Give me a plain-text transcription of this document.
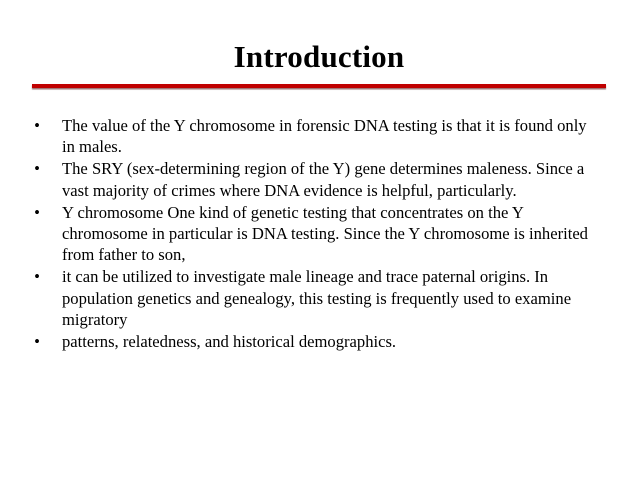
Introduction
• The value of the Y chromosome in forensic DNA testing is that it is found only in males.
• The SRY (sex-determining region of the Y) gene determines maleness. Since a vast majority of crimes where DNA evidence is helpful, particularly.
• Y chromosome One kind of genetic testing that concentrates on the Y chromosome in particular is DNA testing. Since the Y chromosome is inherited from father to son,
• it can be utilized to investigate male lineage and trace paternal origins. In population genetics and genealogy, this testing is frequently used to examine migratory
• patterns, relatedness, and historical demographics.
